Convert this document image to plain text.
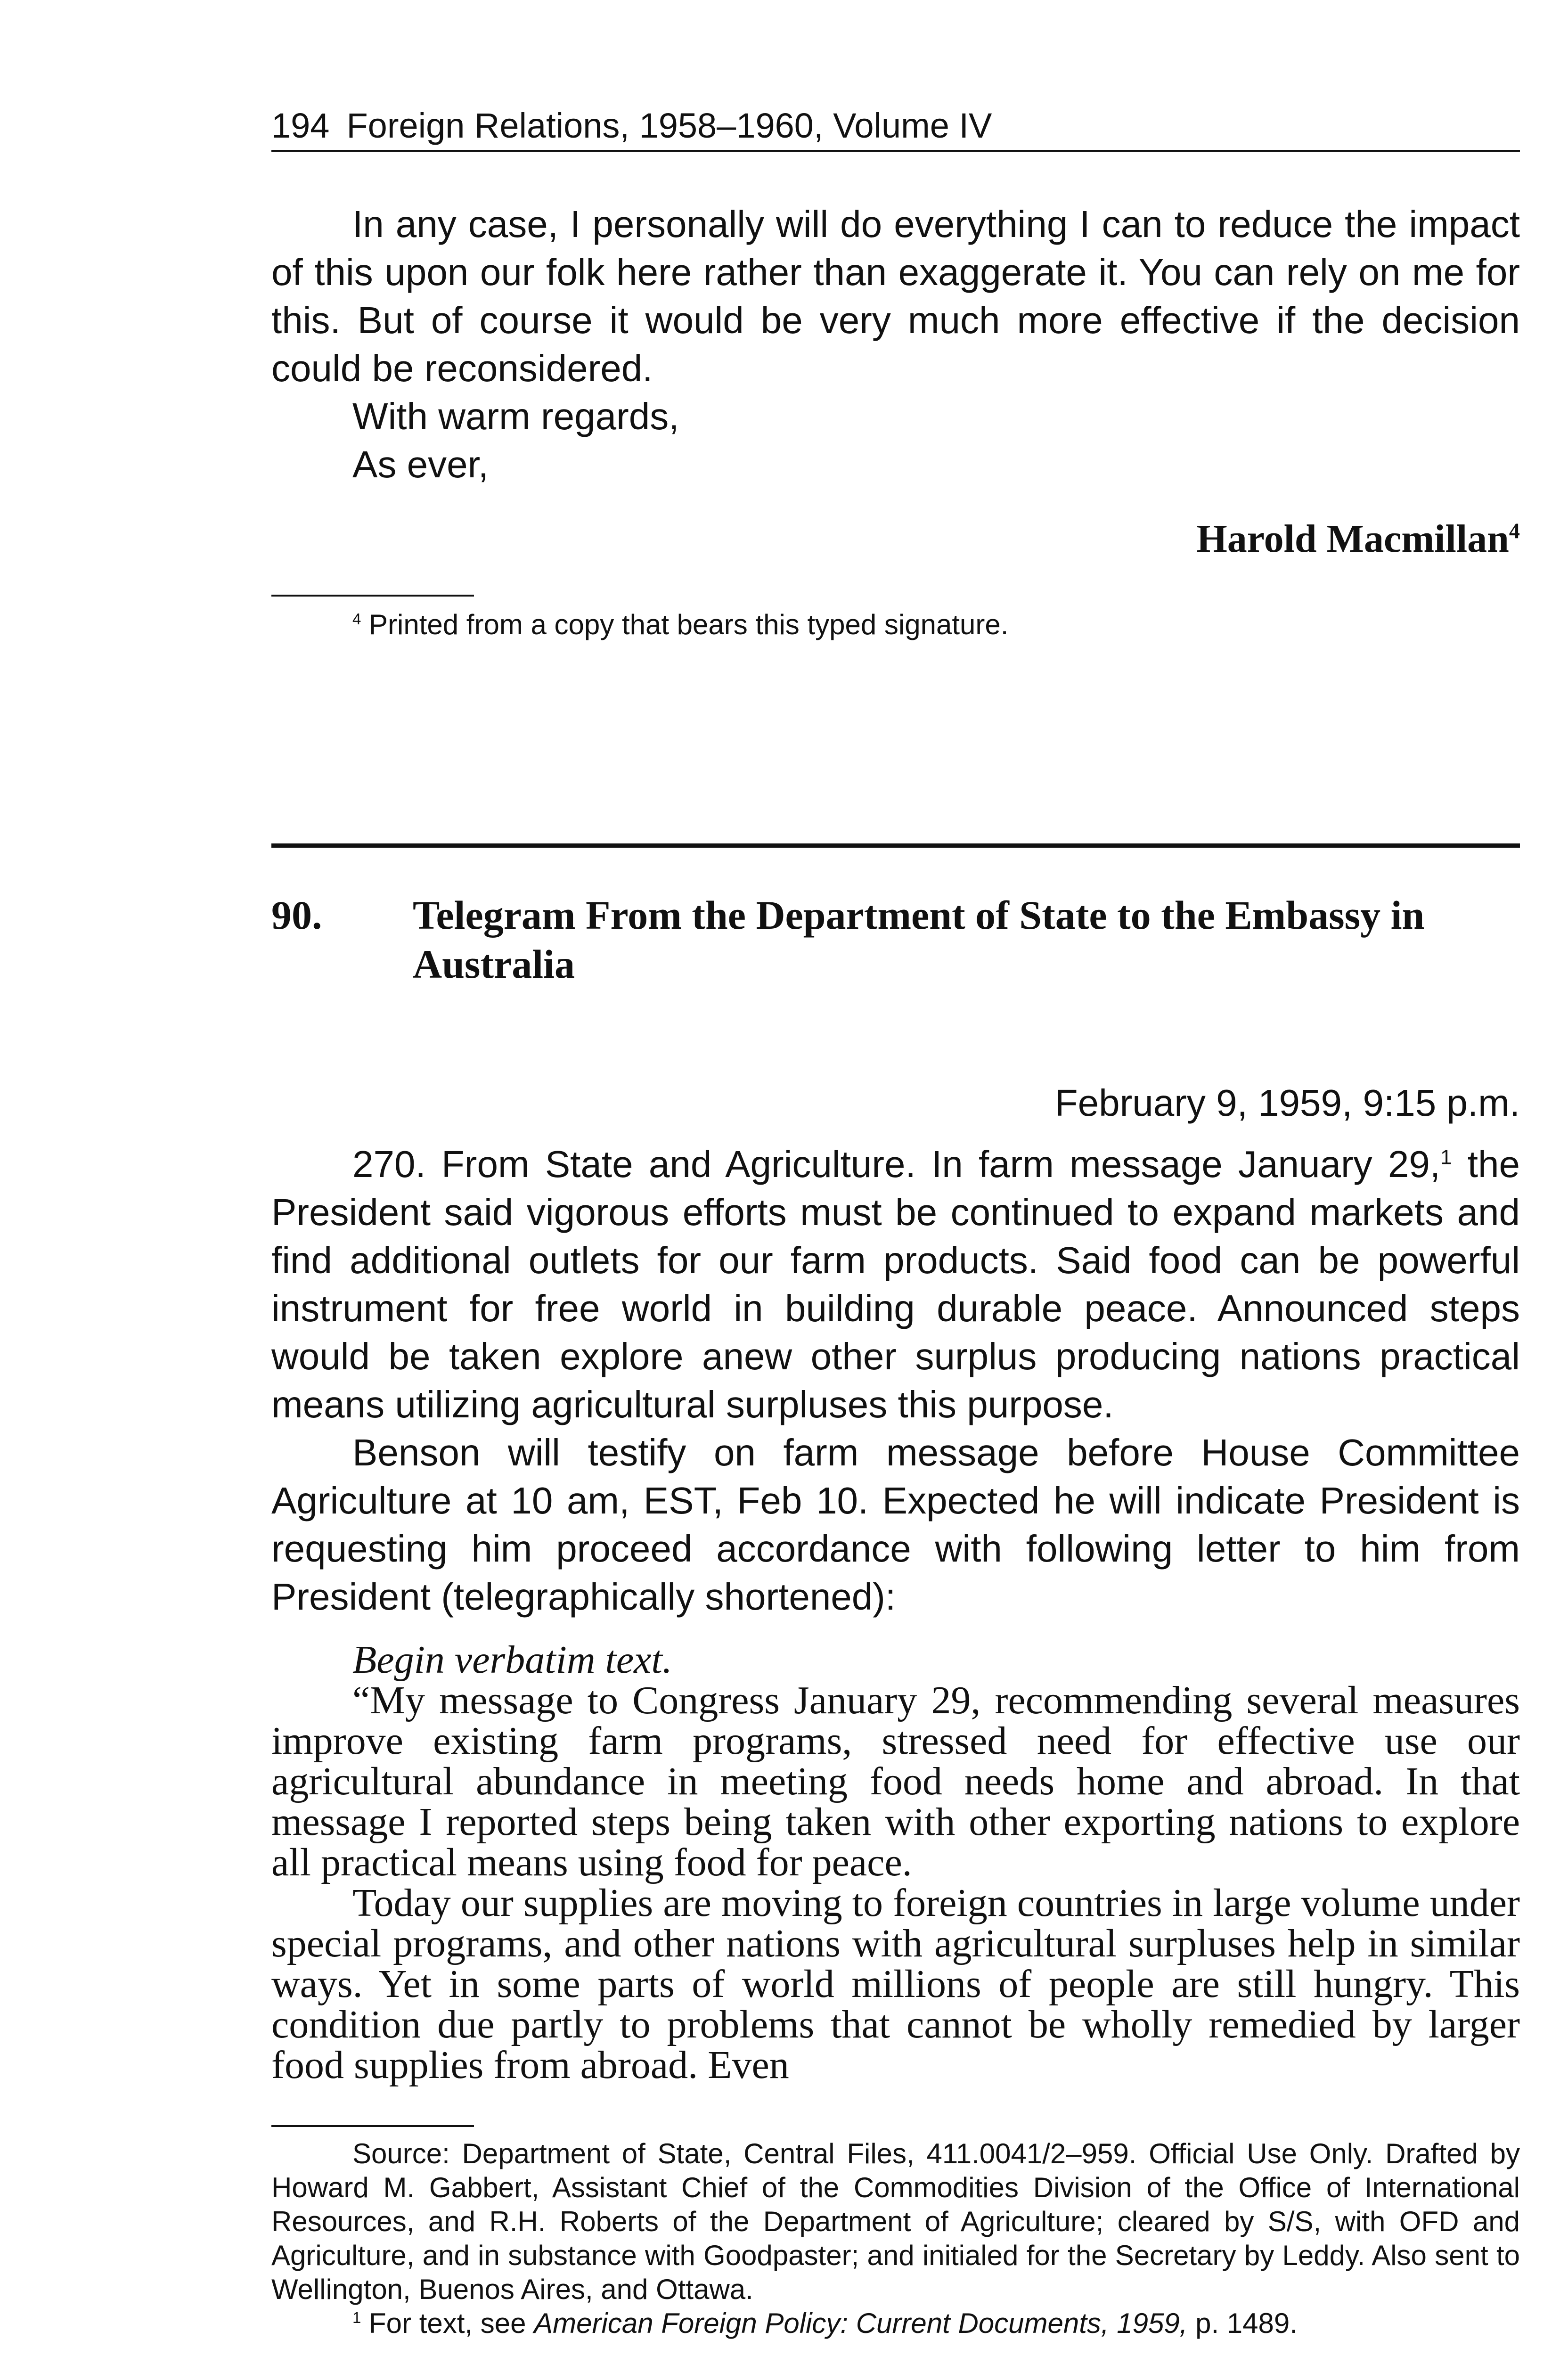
194 Foreign Relations, 1958–1960, Volume IV

In any case, I personally will do everything I can to reduce the impact of this upon our folk here rather than exaggerate it. You can rely on me for this. But of course it would be very much more effective if the decision could be reconsidered.

With warm regards,

As ever,

Harold Macmillan$^4$

$^4$ Printed from a copy that bears this typed signature.

90. Telegram From the Department of State to the Embassy in Australia
February 9, 1959, 9:15 p.m.

270. From State and Agriculture. In farm message January 29,$^1$ the President said vigorous efforts must be continued to expand markets and find additional outlets for our farm products. Said food can be powerful instrument for free world in building durable peace. Announced steps would be taken explore anew other surplus producing nations practical means utilizing agricultural surpluses this purpose.

Benson will testify on farm message before House Committee Agriculture at 10 am, EST, Feb 10. Expected he will indicate President is requesting him proceed accordance with following letter to him from President (telegraphically shortened):

Begin verbatim text.

“My message to Congress January 29, recommending several measures improve existing farm programs, stressed need for effective use our agricultural abundance in meeting food needs home and abroad. In that message I reported steps being taken with other exporting nations to explore all practical means using food for peace.

Today our supplies are moving to foreign countries in large volume under special programs, and other nations with agricultural surpluses help in similar ways. Yet in some parts of world millions of people are still hungry. This condition due partly to problems that cannot be wholly remedied by larger food supplies from abroad. Even

Source: Department of State, Central Files, 411.0041/2–959. Official Use Only. Drafted by Howard M. Gabbert, Assistant Chief of the Commodities Division of the Office of International Resources, and R.H. Roberts of the Department of Agriculture; cleared by S/S, with OFD and Agriculture, and in substance with Goodpaster; and initialed for the Secretary by Leddy. Also sent to Wellington, Buenos Aires, and Ottawa.

$^1$ For text, see American Foreign Policy: Current Documents, 1959, p. 1489.
